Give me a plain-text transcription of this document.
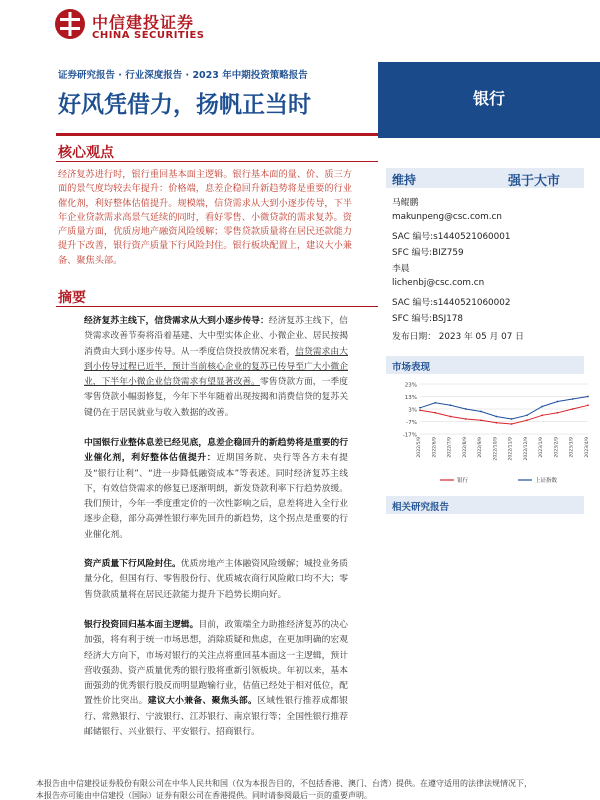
中信建投证券
CHINA SECURITIES
证券研究报告 · 行业深度报告 · 2023 年中期投资策略报告
好风凭借力，扬帆正当时	银行
核心观点
经济复苏进行时，银行重回基本面主逻辑。银行基本面的量、价、质三方面的景气度均较去年提升：价格端，息差企稳回升新趋势将是重要的行业催化剂，利好整体估值提升。规模端，信贷需求从大到小逐步传导，下半年企业贷款需求高景气延续的同时，看好零售、小微贷款的需求复苏。资产质量方面，优质房地产融资风险缓解；零售贷款质量将在居民还款能力提升下改善，银行资产质量下行风险封住。银行板块配置上，建议大小兼备、聚焦头部。
摘要
经济复苏主线下，信贷需求从大到小逐步传导：经济复苏主线下，信贷需求改善节奏将沿着基建、大中型实体企业、小微企业、居民按揭消费由大到小逐步传导。从一季度信贷投放情况来看，信贷需求由大到小传导过程已近半，预计当前核心企业的复苏已传导至广大小微企业，下半年小微企业信贷需求有望显著改善。零售贷款方面，一季度零售贷款小幅弱修复，今年下半年随着出现按揭和消费信贷的复苏关键仍在于居民就业与收入数据的改善。
中国银行业整体息差已经见底，息差企稳回升的新趋势将是重要的行业催化剂，利好整体估值提升：近期国务院、央行等各方未有提及“银行让利”、“进一步降低融资成本”等表述。同时经济复苏主线下，有效信贷需求的修复已逐渐明朗，新发贷款利率下行趋势放缓。我们预计，今年一季度重定价的一次性影响之后，息差将进入全行业逐步企稳，部分高弹性银行率先回升的新趋势，这个拐点是重要的行业催化剂。
资产质量下行风险封住。优质房地产主体融资风险缓解；城投业务质量分化，但国有行、零售股份行、优质城农商行风险敞口均不大；零售贷款质量将在居民还款能力提升下趋势长期向好。
银行投资回归基本面主逻辑。目前，政策端全力助推经济复苏的决心加强，将有利于统一市场思想，消除质疑和焦虑，在更加明确的宏观经济大方向下，市场对银行的关注点将重回基本面这一主逻辑，预计营收强劲、资产质量优秀的银行股将重新引领板块。年初以来，基本面强劲的优秀银行股反而明显跑输行业，估值已经处于相对低位，配置性价比突出。建议大小兼备、聚焦头部。区域性银行推荐成都银行、常熟银行、宁波银行、江苏银行、南京银行等；全国性银行推荐邮储银行、兴业银行、平安银行、招商银行。
维持	强于大市
马鲲鹏
makunpeng@csc.com.cn
SAC 编号:s1440521060001
SFC 编号:BIZ759
李晨
lichenbj@csc.com.cn
SAC 编号:s1440521060002
SFC 编号:BSJ178
发布日期： 2023 年 05 月 07 日
市场表现
23%
13%
3%
-7%
-17%
2022/5/9 2022/6/9 2022/7/9 2022/8/9 2022/9/9 2022/10/9 2022/11/9 2022/12/9 2023/1/9 2023/2/9 2023/3/9 2023/4/9
银行	上证指数
相关研究报告
本报告由中信建投证券股份有限公司在中华人民共和国（仅为本报告目的，不包括香港、澳门、台湾）提供。在遵守适用的法律法规情况下，
本报告亦可能由中信建投（国际）证券有限公司在香港提供。同时请参阅最后一页的重要声明。
